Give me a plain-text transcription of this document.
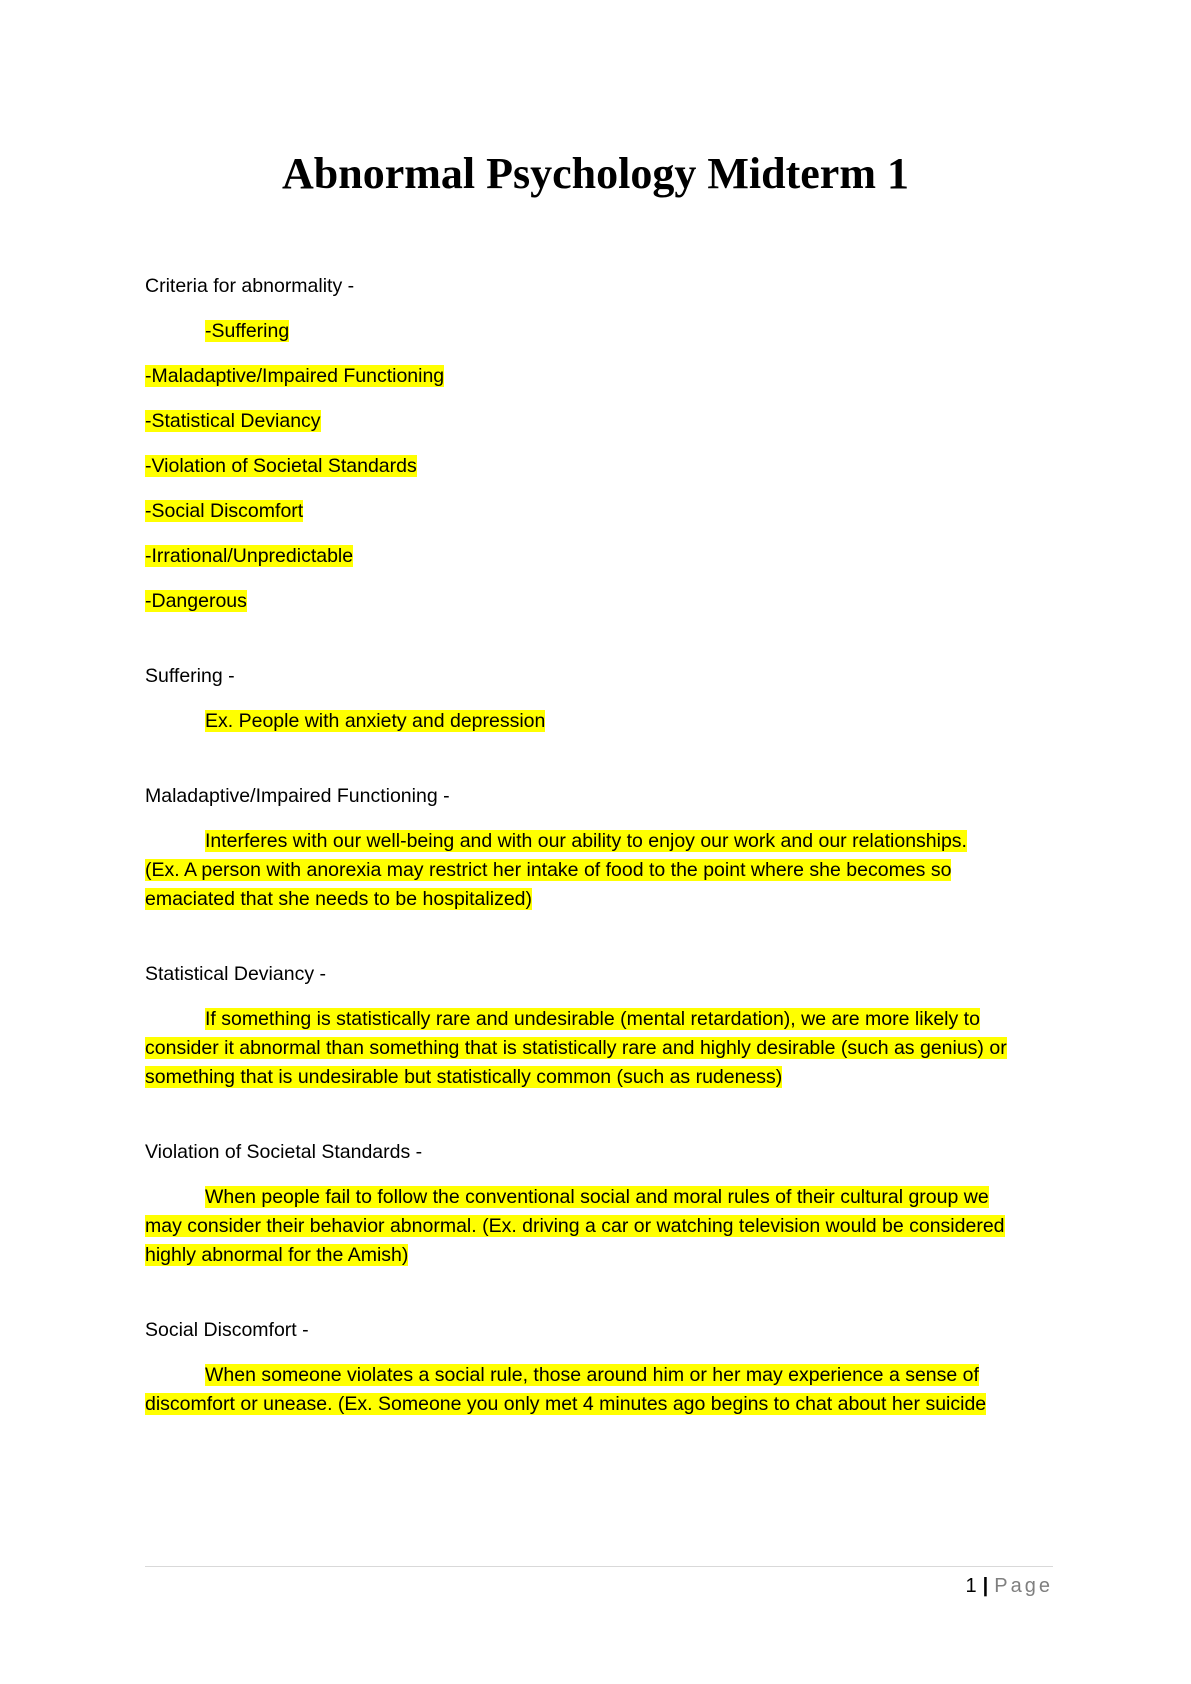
Abnormal Psychology Midterm 1

Criteria for abnormality -

-Suffering

-Maladaptive/Impaired Functioning

-Statistical Deviancy

-Violation of Societal Standards

-Social Discomfort

-Irrational/Unpredictable

-Dangerous

Suffering -

Ex. People with anxiety and depression

Maladaptive/Impaired Functioning -

Interferes with our well-being and with our ability to enjoy our work and our relationships.
(Ex. A person with anorexia may restrict her intake of food to the point where she becomes so
emaciated that she needs to be hospitalized)

Statistical Deviancy -

If something is statistically rare and undesirable (mental retardation), we are more likely to
consider it abnormal than something that is statistically rare and highly desirable (such as genius) or
something that is undesirable but statistically common (such as rudeness)

Violation of Societal Standards -

When people fail to follow the conventional social and moral rules of their cultural group we
may consider their behavior abnormal. (Ex. driving a car or watching television would be considered
highly abnormal for the Amish)

Social Discomfort -

When someone violates a social rule, those around him or her may experience a sense of
discomfort or unease. (Ex. Someone you only met 4 minutes ago begins to chat about her suicide
1 | Page
